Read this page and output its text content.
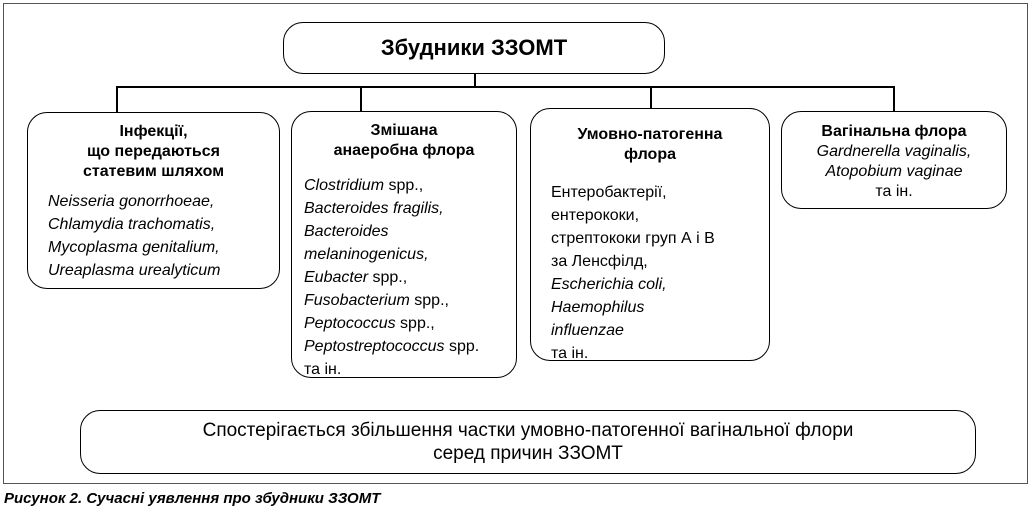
Збудники ЗЗОМТ
Інфекції,
що передаються
статевим шляхом
Neisseria gonorrhoeae,
Chlamydia trachomatis,
Mycoplasma genitalium,
Ureaplasma urealyticum
Змішана
анаеробна флора
Clostridium spp.,
Bacteroides fragilis,
Bacteroides
melaninogenicus,
Eubacter spp.,
Fusobacterium spp.,
Peptococcus spp.,
Peptostreptococcus spp.
та ін.
Умовно-патогенна
флора
Ентеробактерії,
ентерококи,
стрептококи груп А і В
за Ленсфілд,
Escherichia coli,
Haemophilus
influenzae
та ін.
Вагінальна флора
Gardnerella vaginalis,
Atopobium vaginae
та ін.
Спостерігається збільшення частки умовно-патогенної вагінальної флори
серед причин ЗЗОМТ
Рисунок 2. Сучасні уявлення про збудники ЗЗОМТ
